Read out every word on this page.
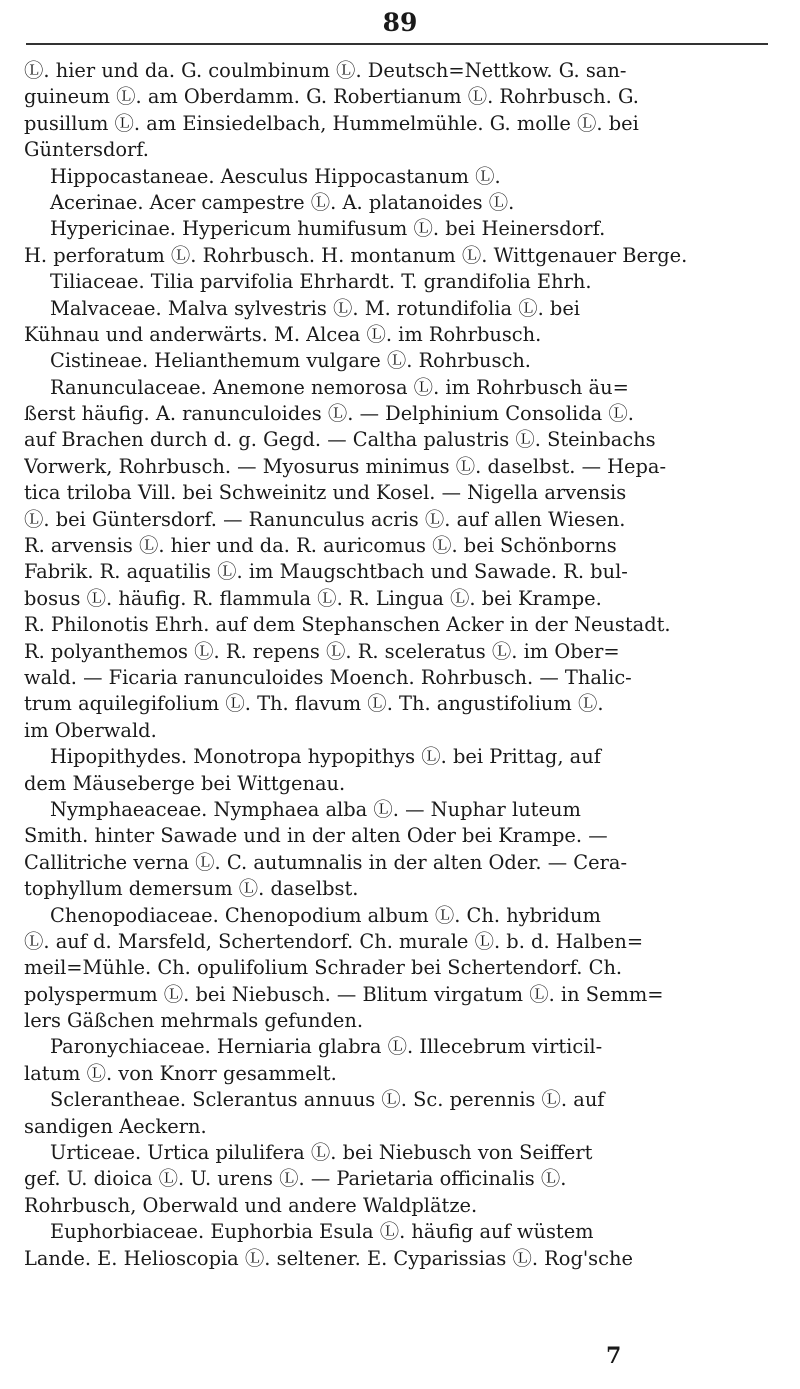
89
Ⓛ. hier und da. G. coulmbinum Ⓛ. Deutsch=Nettkow. G. san-
guineum Ⓛ. am Oberdamm. G. Robertianum Ⓛ. Rohrbusch. G.
pusillum Ⓛ. am Einsiedelbach, Hummelmühle. G. molle Ⓛ. bei
Güntersdorf.
Hippocastaneae. Aesculus Hippocastanum Ⓛ.
Acerinae. Acer campestre Ⓛ. A. platanoides Ⓛ.
Hypericinae. Hypericum humifusum Ⓛ. bei Heinersdorf.
H. perforatum Ⓛ. Rohrbusch. H. montanum Ⓛ. Wittgenauer Berge.
Tiliaceae. Tilia parvifolia Ehrhardt. T. grandifolia Ehrh.
Malvaceae. Malva sylvestris Ⓛ. M. rotundifolia Ⓛ. bei
Kühnau und anderwärts. M. Alcea Ⓛ. im Rohrbusch.
Cistineae. Helianthemum vulgare Ⓛ. Rohrbusch.
Ranunculaceae. Anemone nemorosa Ⓛ. im Rohrbusch äu=
ßerst häufig. A. ranunculoides Ⓛ. — Delphinium Consolida Ⓛ.
auf Brachen durch d. g. Gegd. — Caltha palustris Ⓛ. Steinbachs
Vorwerk, Rohrbusch. — Myosurus minimus Ⓛ. daselbst. — Hepa-
tica triloba Vill. bei Schweinitz und Kosel. — Nigella arvensis
Ⓛ. bei Güntersdorf. — Ranunculus acris Ⓛ. auf allen Wiesen.
R. arvensis Ⓛ. hier und da. R. auricomus Ⓛ. bei Schönborns
Fabrik. R. aquatilis Ⓛ. im Maugschtbach und Sawade. R. bul-
bosus Ⓛ. häufig. R. flammula Ⓛ. R. Lingua Ⓛ. bei Krampe.
R. Philonotis Ehrh. auf dem Stephanschen Acker in der Neustadt.
R. polyanthemos Ⓛ. R. repens Ⓛ. R. sceleratus Ⓛ. im Ober=
wald. — Ficaria ranunculoides Moench. Rohrbusch. — Thalic-
trum aquilegifolium Ⓛ. Th. flavum Ⓛ. Th. angustifolium Ⓛ.
im Oberwald.
Hipopithydes. Monotropa hypopithys Ⓛ. bei Prittag, auf
dem Mäuseberge bei Wittgenau.
Nymphaeaceae. Nymphaea alba Ⓛ. — Nuphar luteum
Smith. hinter Sawade und in der alten Oder bei Krampe. —
Callitriche verna Ⓛ. C. autumnalis in der alten Oder. — Cera-
tophyllum demersum Ⓛ. daselbst.
Chenopodiaceae. Chenopodium album Ⓛ. Ch. hybridum
Ⓛ. auf d. Marsfeld, Schertendorf. Ch. murale Ⓛ. b. d. Halben=
meil=Mühle. Ch. opulifolium Schrader bei Schertendorf. Ch.
polyspermum Ⓛ. bei Niebusch. — Blitum virgatum Ⓛ. in Semm=
lers Gäßchen mehrmals gefunden.
Paronychiaceae. Herniaria glabra Ⓛ. Illecebrum virticil-
latum Ⓛ. von Knorr gesammelt.
Sclerantheae. Sclerantus annuus Ⓛ. Sc. perennis Ⓛ. auf
sandigen Aeckern.
Urticeae. Urtica pilulifera Ⓛ. bei Niebusch von Seiffert
gef. U. dioica Ⓛ. U. urens Ⓛ. — Parietaria officinalis Ⓛ.
Rohrbusch, Oberwald und andere Waldplätze.
Euphorbiaceae. Euphorbia Esula Ⓛ. häufig auf wüstem
Lande. E. Helioscopia Ⓛ. seltener. E. Cyparissias Ⓛ. Rog'sche
7
